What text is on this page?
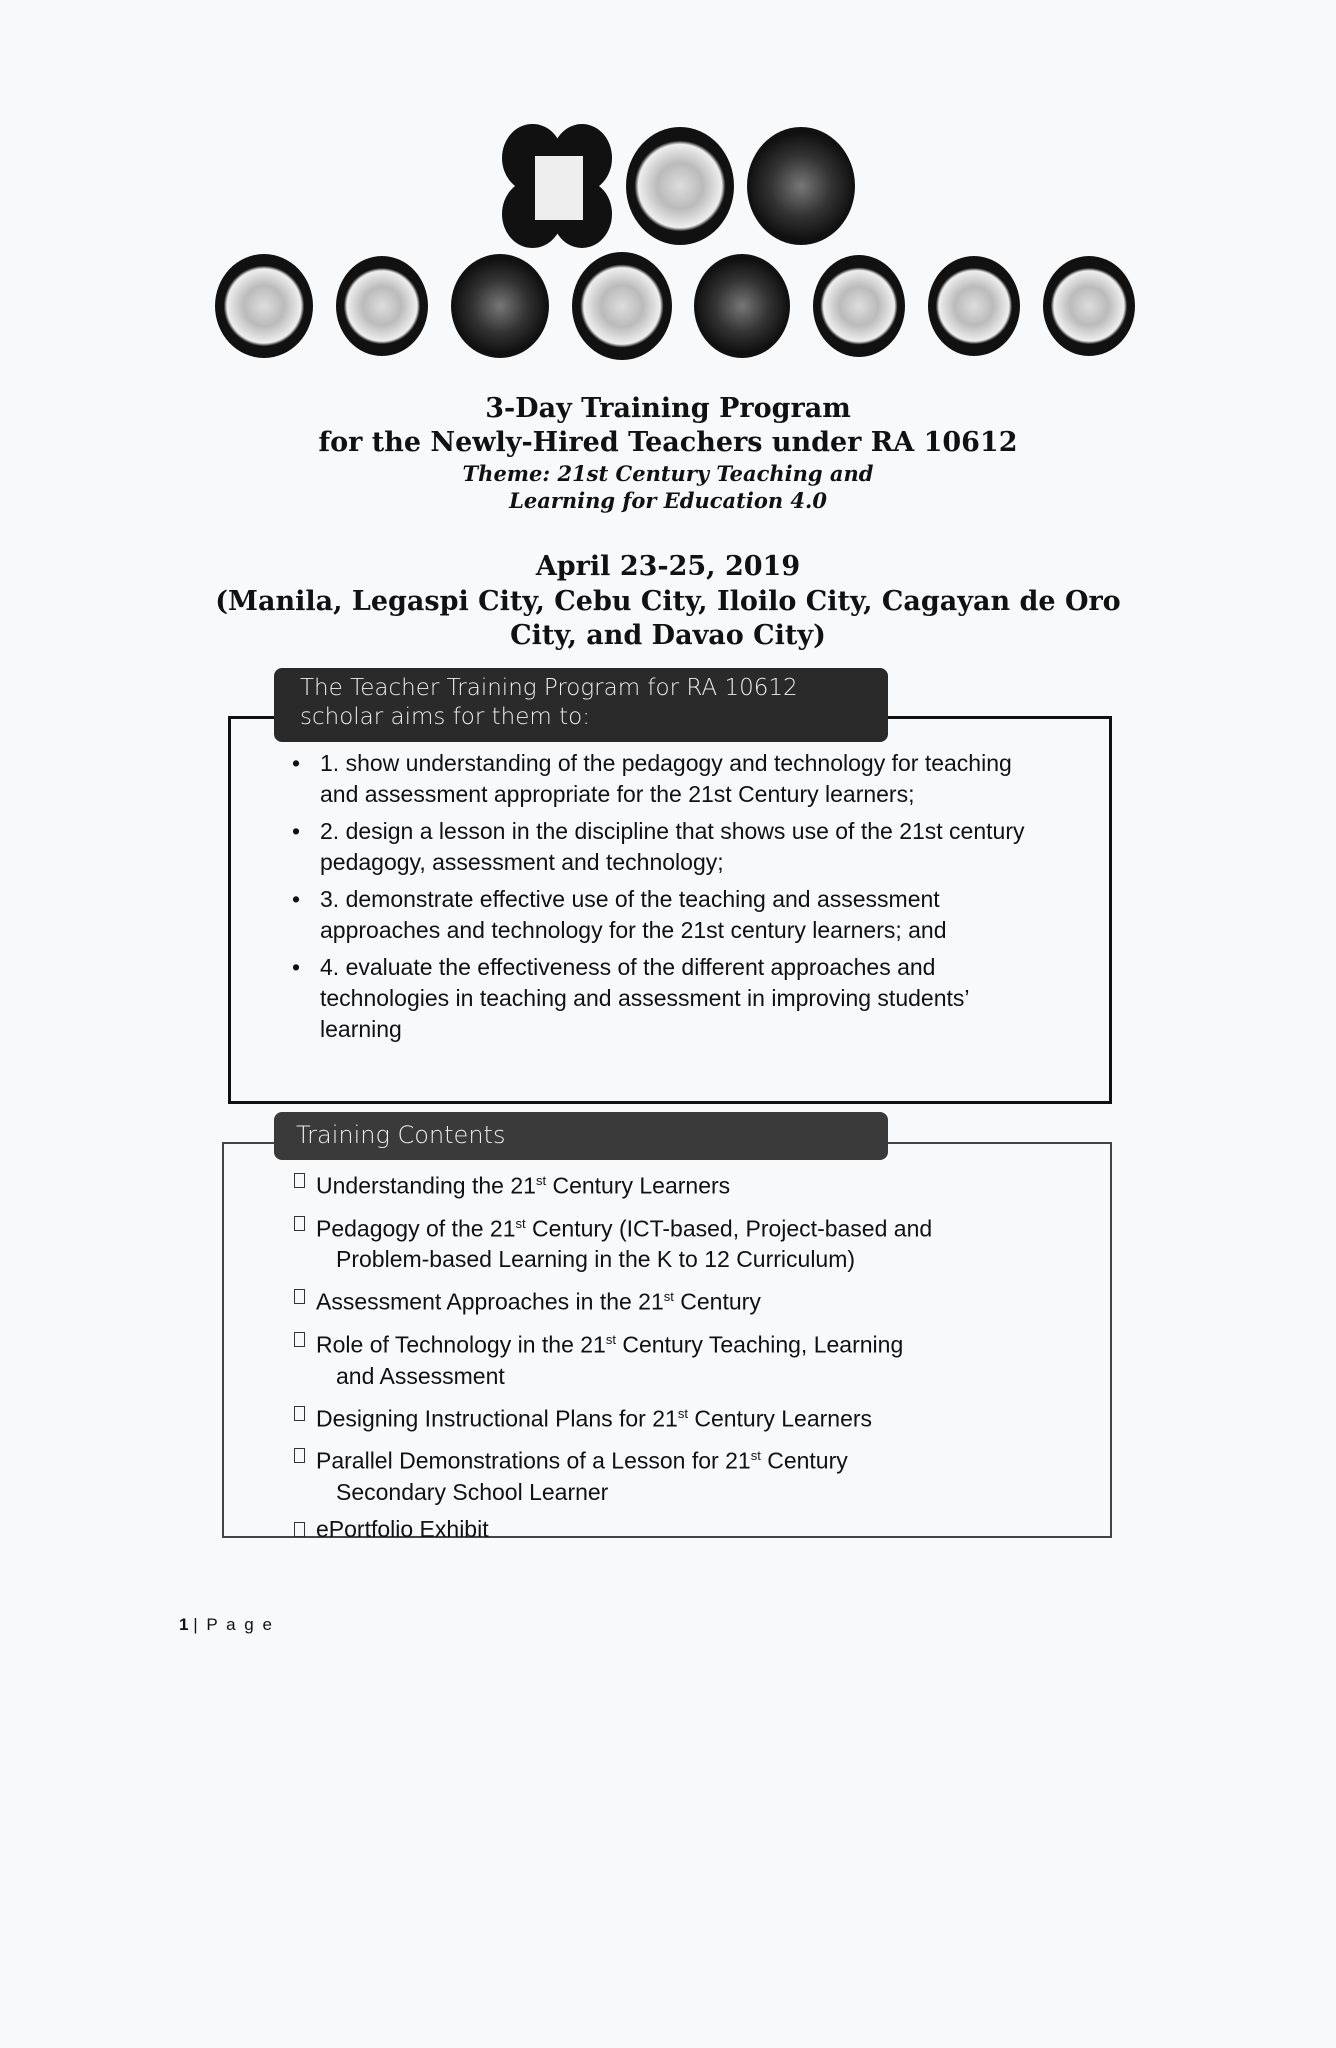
3-Day Training Program
for the Newly-Hired Teachers under RA 10612
Theme: 21st Century Teaching and
Learning for Education 4.0
April 23-25, 2019
(Manila, Legaspi City, Cebu City, Iloilo City, Cagayan de Oro
City, and Davao City)
The Teacher Training Program for RA 10612
scholar aims for them to:
• 1. show understanding of the pedagogy and technology for teaching and assessment appropriate for the 21st Century learners;
• 2. design a lesson in the discipline that shows use of the 21st century pedagogy, assessment and technology;
• 3. demonstrate effective use of the teaching and assessment approaches and technology for the 21st century learners; and
• 4. evaluate the effectiveness of the different approaches and technologies in teaching and assessment in improving students’ learning
Training Contents
Understanding the 21st Century Learners
Pedagogy of the 21st Century (ICT-based, Project-based and
Problem-based Learning in the K to 12 Curriculum)
Assessment Approaches in the 21st Century
Role of Technology in the 21st Century Teaching, Learning
and Assessment
Designing Instructional Plans for 21st Century Learners
Parallel Demonstrations of a Lesson for 21st Century
Secondary School Learner
ePortfolio Exhibit
1 | P a g e
